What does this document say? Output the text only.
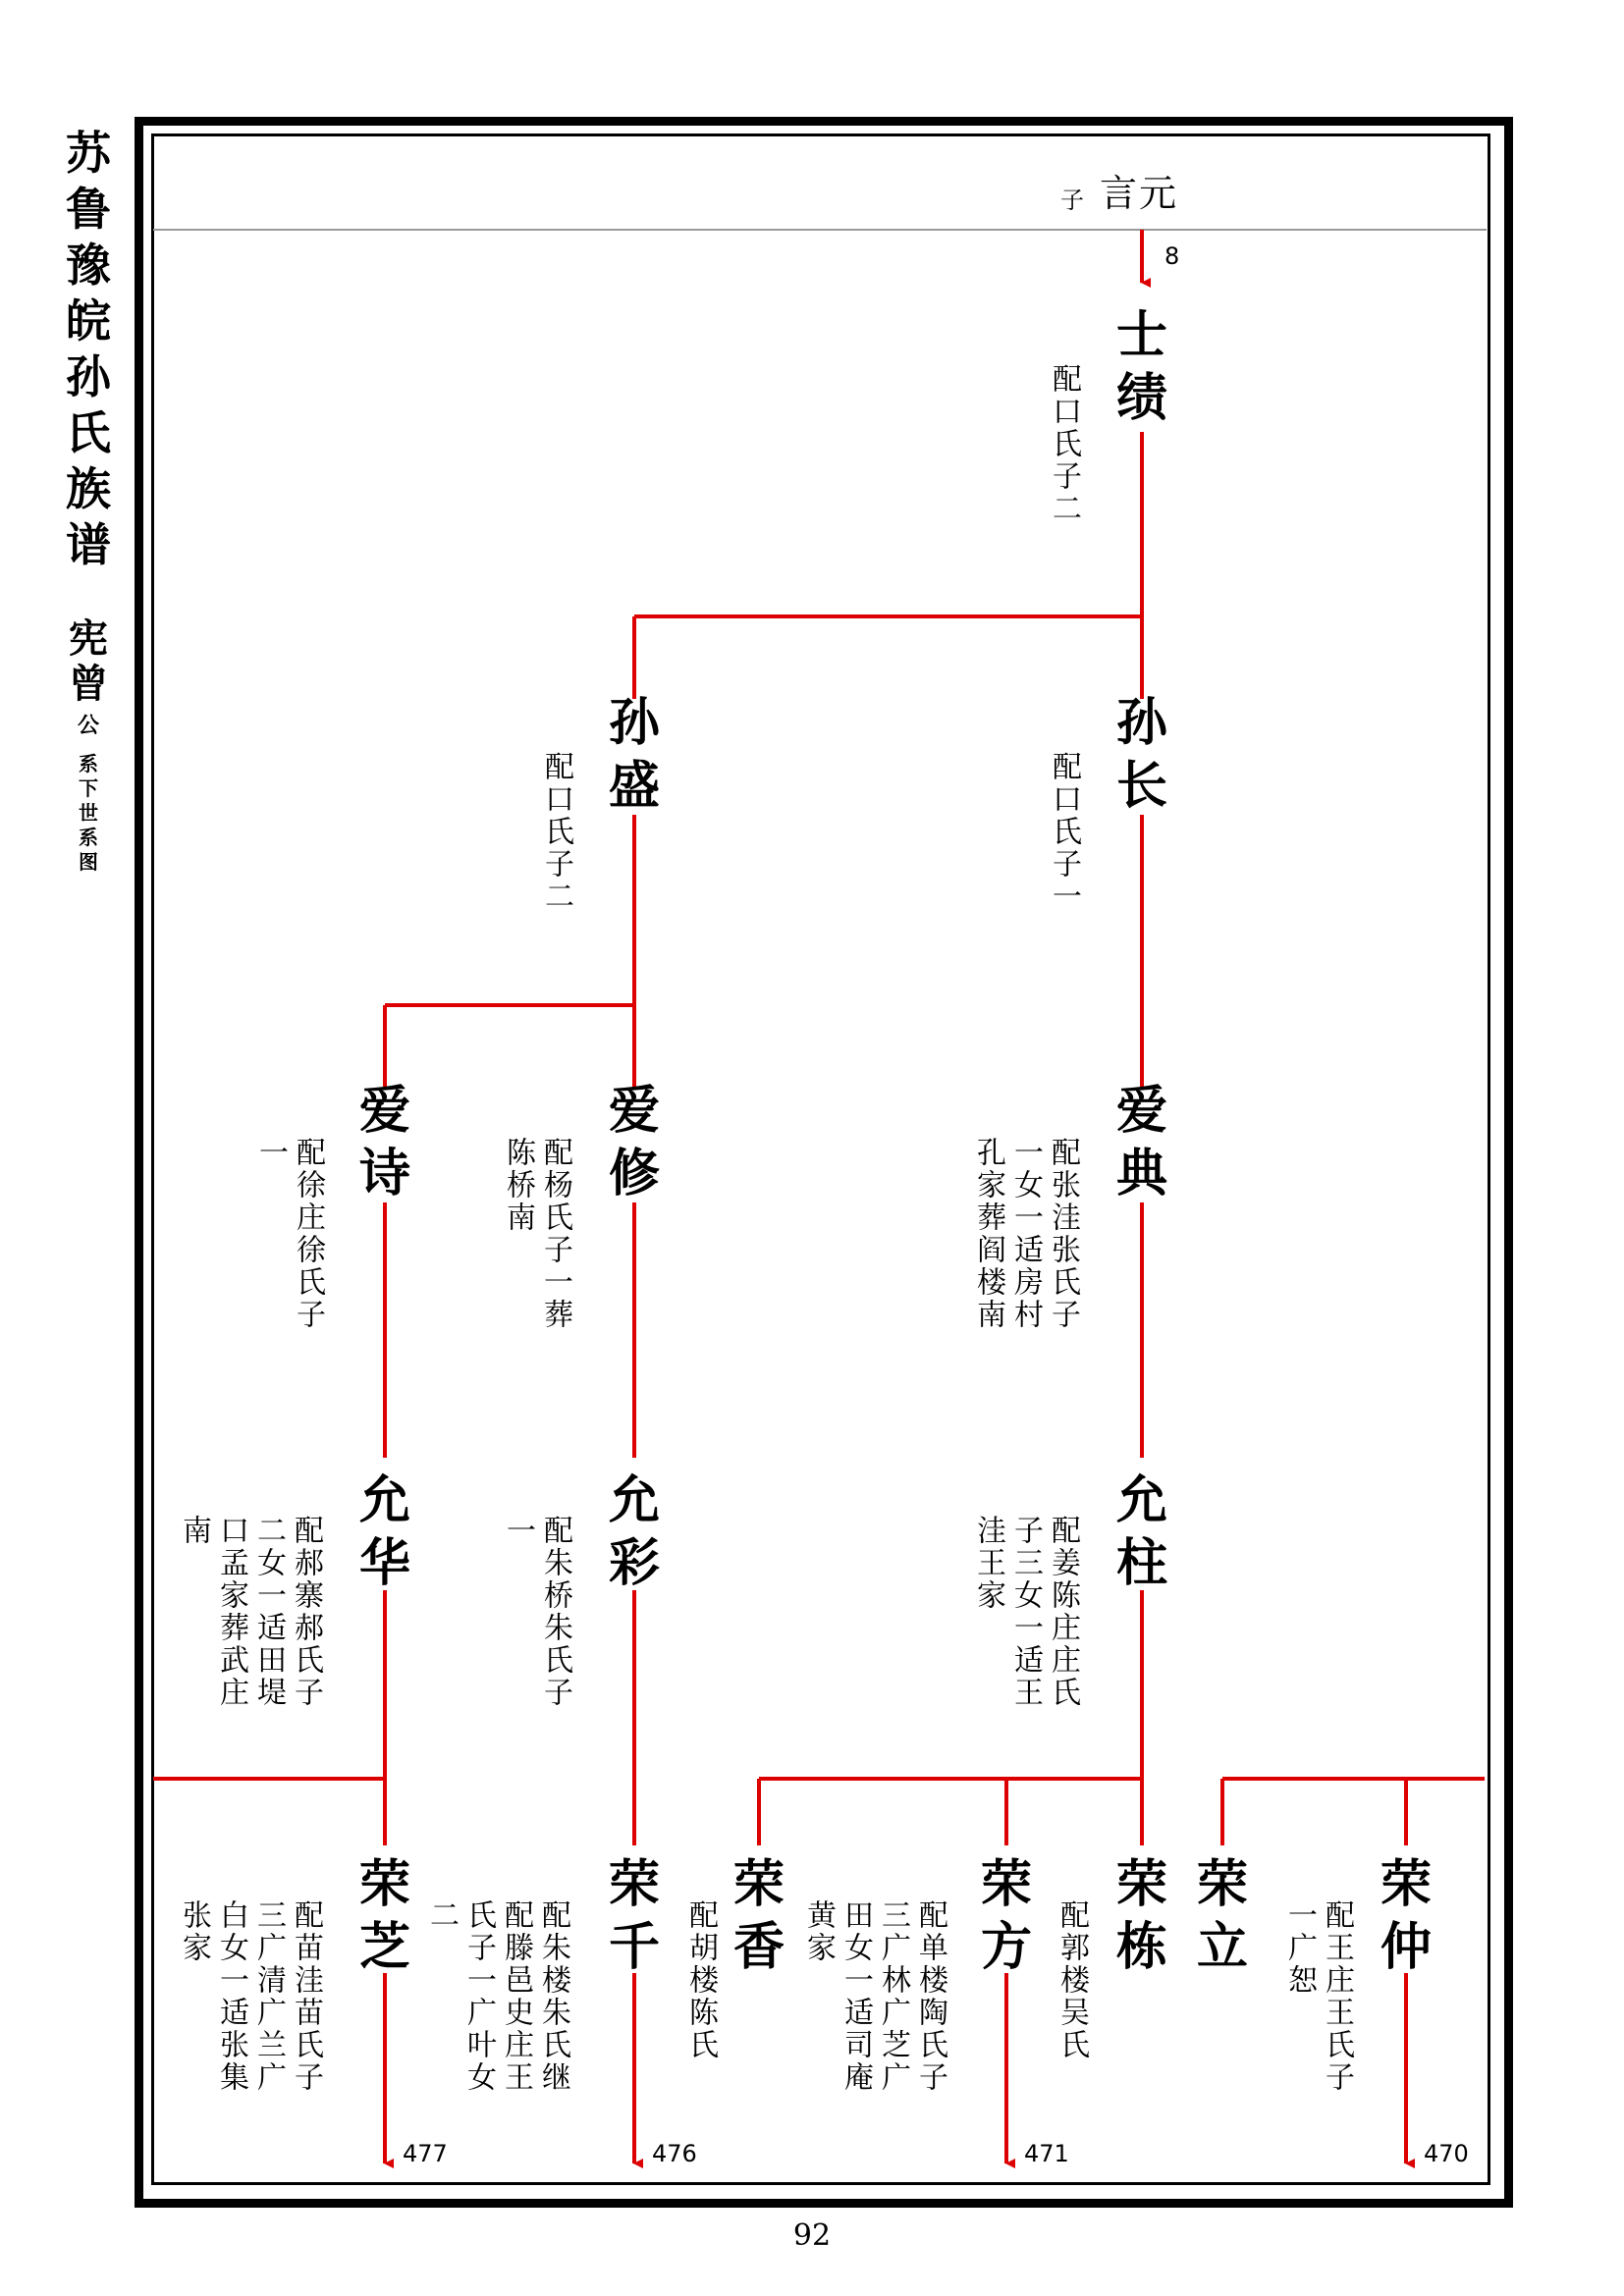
苏鲁豫皖孙氏族谱
宪曾
公
系下世系图
子 言元
8
士绩
配口氏子二
孙长
配口氏子一
孙盛
配口氏子二
爱典
配张洼张氏子
一女一适房村
孔家葬阎楼南
爱修
配杨氏子一葬
陈桥南
爱诗
配徐庄徐氏子
一
允柱
配姜陈庄庄氏
子三女一适王
洼王家
允彩
配朱桥朱氏子
一
允华
配郝寨郝氏子
二女一适田堤
口孟家葬武庄
南
荣仲
配王庄王氏子
一广恕
荣立
荣栋
配郭楼吴氏
荣方
配单楼陶氏子
三广林广芝广
田女一适司庵
黄家
荣香
配胡楼陈氏
荣千
配朱楼朱氏继
配滕邑史庄王
氏子一广叶女
二
荣芝
配苗洼苗氏子
三广清广兰广
白女一适张集
张家
477	476	471	470
92
